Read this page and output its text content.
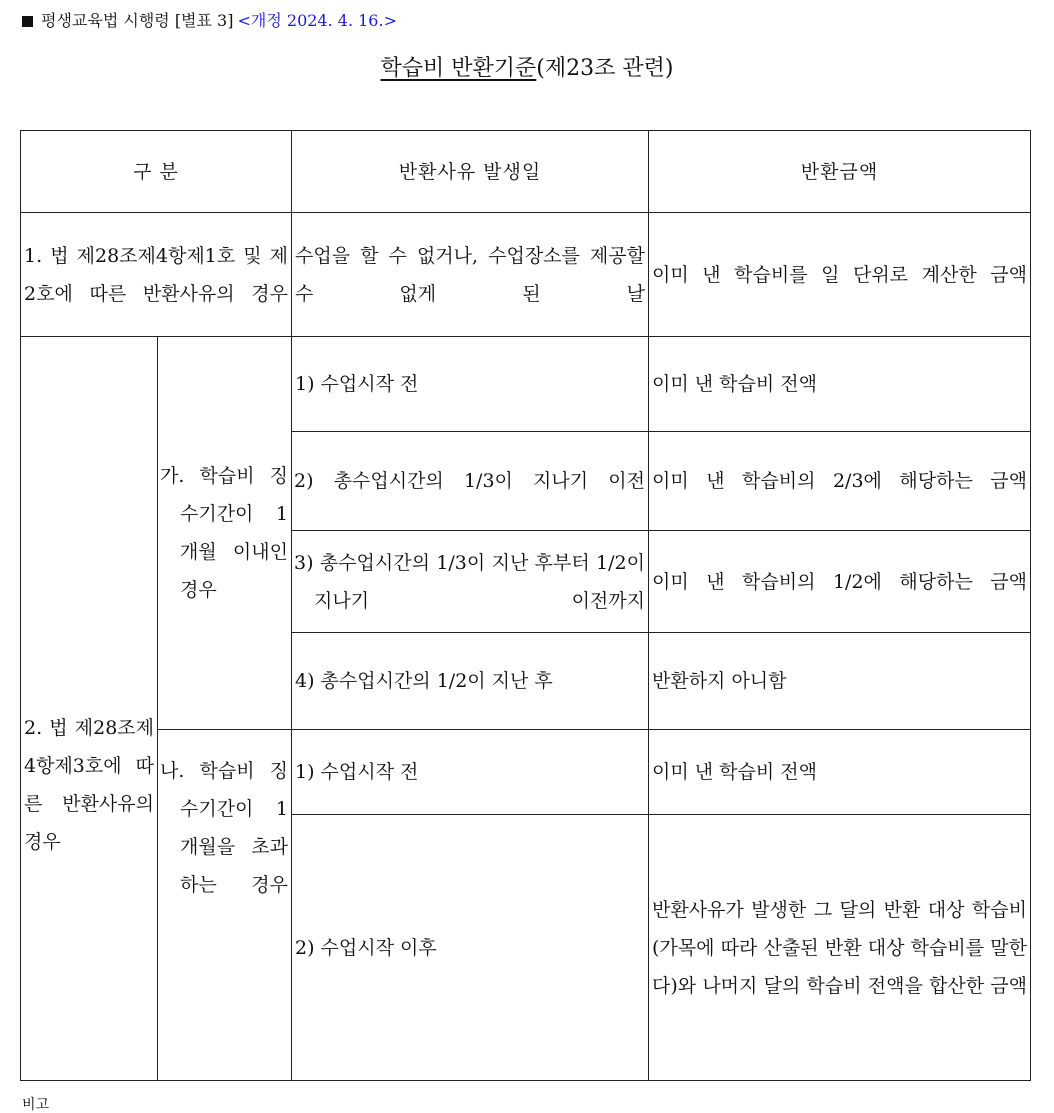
평생교육법 시행령 [별표 3] <개정 2024. 4. 16.>
학습비 반환기준(제23조 관련)
구 분		반환사유 발생일	반환금액
1. 법 제28조제4항제1호 및 제2호에 따른 반환사유의 경우		수업을 할 수 없거나, 수업장소를 제공할 수 없게 된 날	이미 낸 학습비를 일 단위로 계산한 금액
2. 법 제28조제4항제3호에 따른 반환사유의 경우	가. 학습비 징수기간이 1개월 이내인 경우	1) 수업시작 전	이미 낸 학습비 전액
		2) 총수업시간의 1/3이 지나기 이전	이미 낸 학습비의 2/3에 해당하는 금액
		3) 총수업시간의 1/3이 지난 후부터 1/2이 지나기 이전까지	이미 낸 학습비의 1/2에 해당하는 금액
		4) 총수업시간의 1/2이 지난 후	반환하지 아니함
	나. 학습비 징수기간이 1개월을 초과하는 경우	1) 수업시작 전	이미 낸 학습비 전액
		2) 수업시작 이후	반환사유가 발생한 그 달의 반환 대상 학습비(가목에 따라 산출된 반환 대상 학습비를 말한다)와 나머지 달의 학습비 전액을 합산한 금액
비고
